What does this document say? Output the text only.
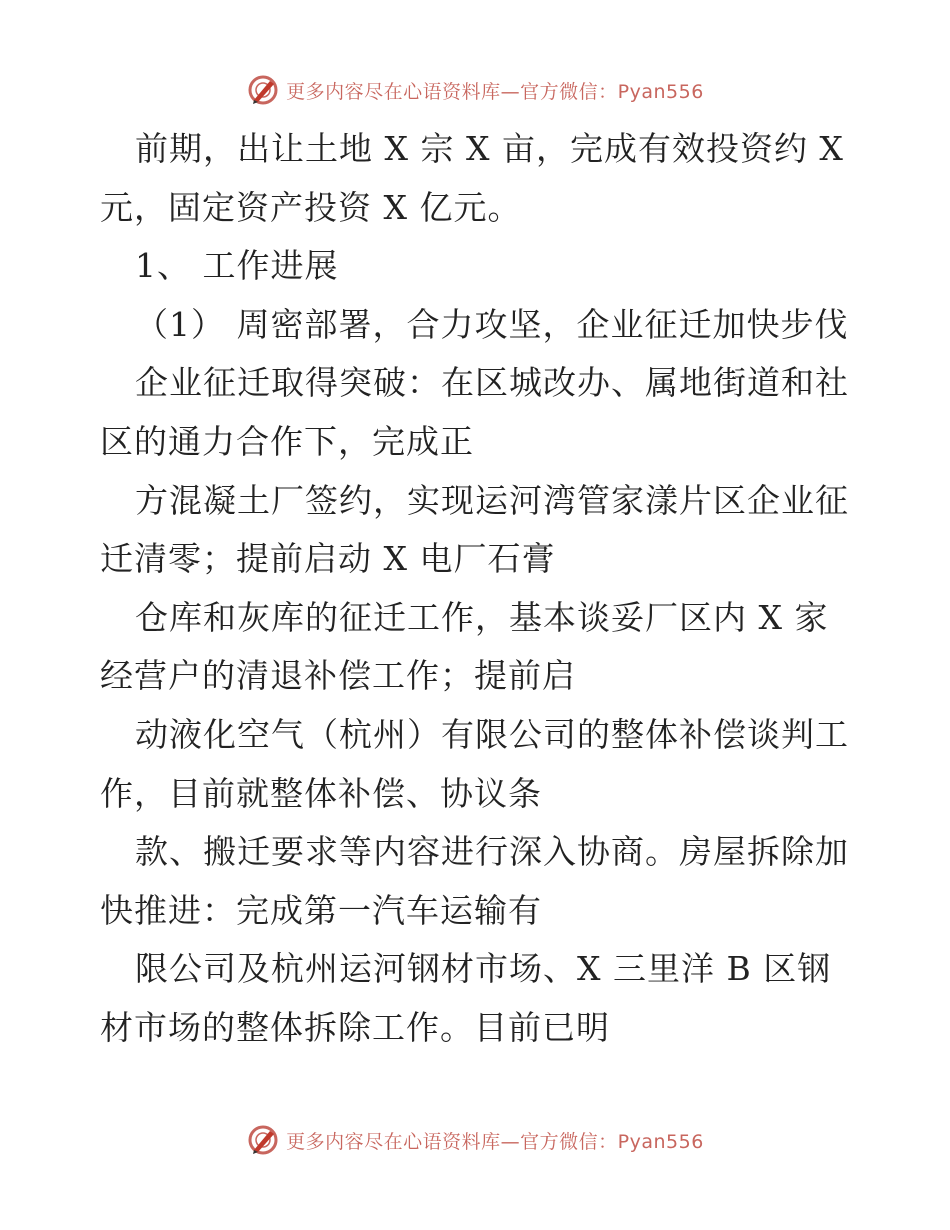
更多内容尽在心语资料库—官方微信：Pyan556
前期，出让土地 X 宗 X 亩，完成有效投资约 X
元，固定资产投资 X 亿元。
1、 工作进展
（1） 周密部署，合力攻坚，企业征迁加快步伐
企业征迁取得突破：在区城改办、属地街道和社
区的通力合作下，完成正
方混凝土厂签约，实现运河湾管家漾片区企业征
迁清零；提前启动 X 电厂石膏
仓库和灰库的征迁工作，基本谈妥厂区内 X 家
经营户的清退补偿工作；提前启
动液化空气（杭州）有限公司的整体补偿谈判工
作，目前就整体补偿、协议条
款、搬迁要求等内容进行深入协商。房屋拆除加
快推进：完成第一汽车运输有
限公司及杭州运河钢材市场、X 三里洋 B 区钢
材市场的整体拆除工作。目前已明
更多内容尽在心语资料库—官方微信：Pyan556
